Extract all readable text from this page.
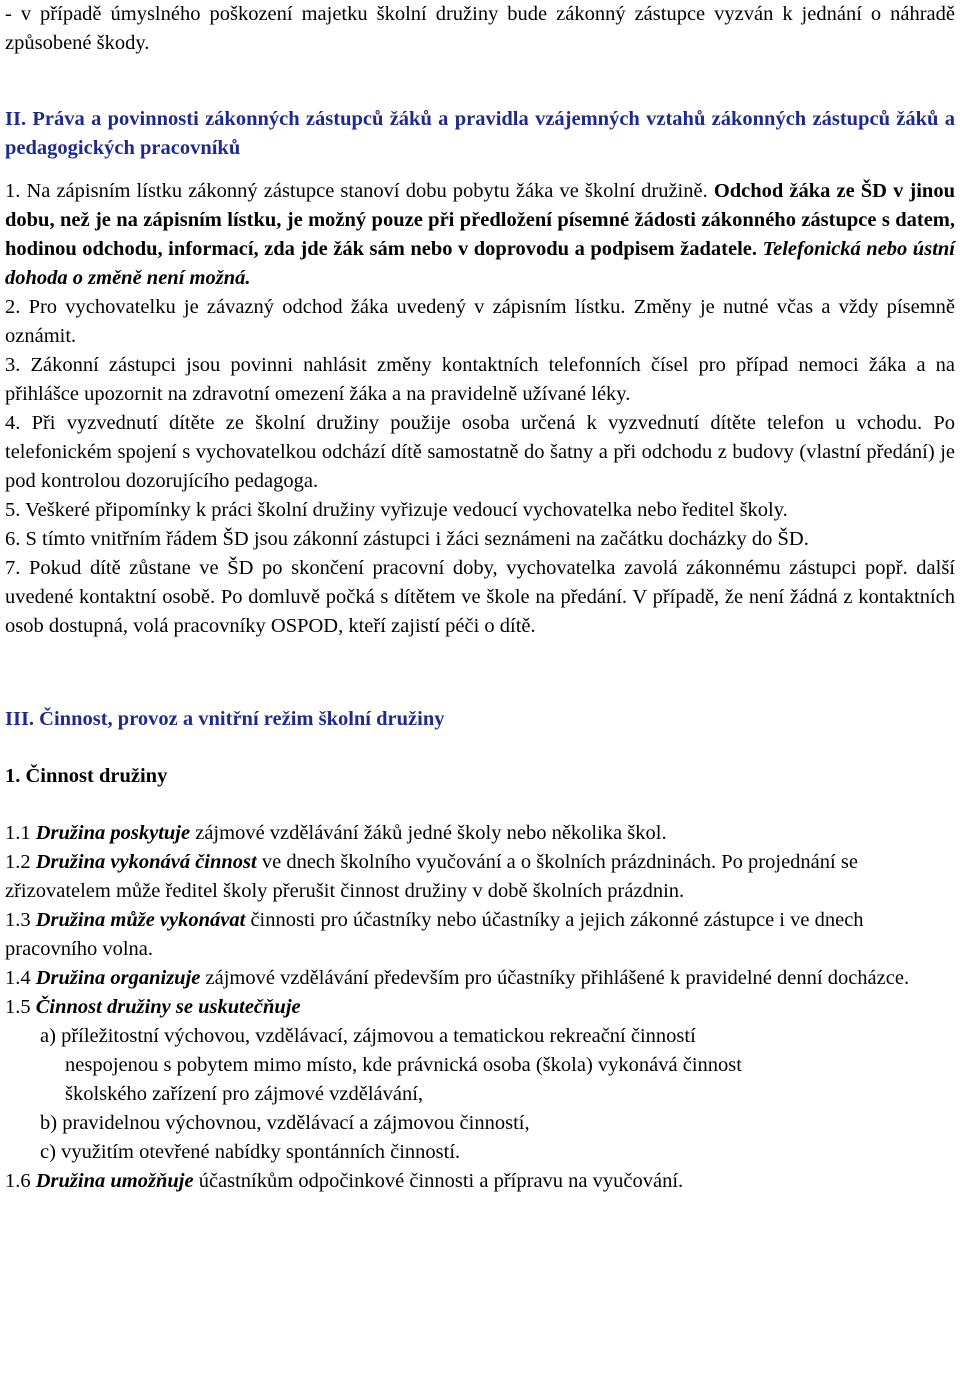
- v případě úmyslného poškození majetku školní družiny bude zákonný zástupce vyzván k jednání o náhradě způsobené škody.

II. Práva a povinnosti zákonných zástupců žáků a pravidla vzájemných vztahů zákonných zástupců žáků a pedagogických pracovníků

1. Na zápisním lístku zákonný zástupce stanoví dobu pobytu žáka ve školní družině. Odchod žáka ze ŠD v jinou dobu, než je na zápisním lístku, je možný pouze při předložení písemné žádosti zákonného zástupce s datem, hodinou odchodu, informací, zda jde žák sám nebo v doprovodu a podpisem žadatele. Telefonická nebo ústní dohoda o změně není možná.

2. Pro vychovatelku je závazný odchod žáka uvedený v zápisním lístku. Změny je nutné včas a vždy písemně oznámit.

3. Zákonní zástupci jsou povinni nahlásit změny kontaktních telefonních čísel pro případ nemoci žáka a na přihlášce upozornit na zdravotní omezení žáka a na pravidelně užívané léky.

4. Při vyzvednutí dítěte ze školní družiny použije osoba určená k vyzvednutí dítěte telefon u vchodu. Po telefonickém spojení s vychovatelkou odchází dítě samostatně do šatny a při odchodu z budovy (vlastní předání) je pod kontrolou dozorujícího pedagoga.

5. Veškeré připomínky k práci školní družiny vyřizuje vedoucí vychovatelka nebo ředitel školy.

6. S tímto vnitřním řádem ŠD jsou zákonní zástupci i žáci seznámeni na začátku docházky do ŠD.

7. Pokud dítě zůstane ve ŠD po skončení pracovní doby, vychovatelka zavolá zákonnému zástupci popř. další uvedené kontaktní osobě. Po domluvě počká s dítětem ve škole na předání. V případě, že není žádná z kontaktních osob dostupná, volá pracovníky OSPOD, kteří zajistí péči o dítě.

III. Činnost, provoz a vnitřní režim školní družiny

1. Činnost družiny

1.1 Družina poskytuje zájmové vzdělávání žáků jedné školy nebo několika škol.

1.2 Družina vykonává činnost ve dnech školního vyučování a o školních prázdninách. Po projednání se zřizovatelem může ředitel školy přerušit činnost družiny v době školních prázdnin.

1.3 Družina může vykonávat činnosti pro účastníky nebo účastníky a jejich zákonné zástupce i ve dnech pracovního volna.

1.4 Družina organizuje zájmové vzdělávání především pro účastníky přihlášené k pravidelné denní docházce.

1.5 Činnost družiny se uskutečňuje

a) příležitostní výchovou, vzdělávací, zájmovou a tematickou rekreační činností

nespojenou s pobytem mimo místo, kde právnická osoba (škola) vykonává činnost

školského zařízení pro zájmové vzdělávání,

b) pravidelnou výchovnou, vzdělávací a zájmovou činností,

c) využitím otevřené nabídky spontánních činností.

1.6 Družina umožňuje účastníkům odpočinkové činnosti a přípravu na vyučování.
